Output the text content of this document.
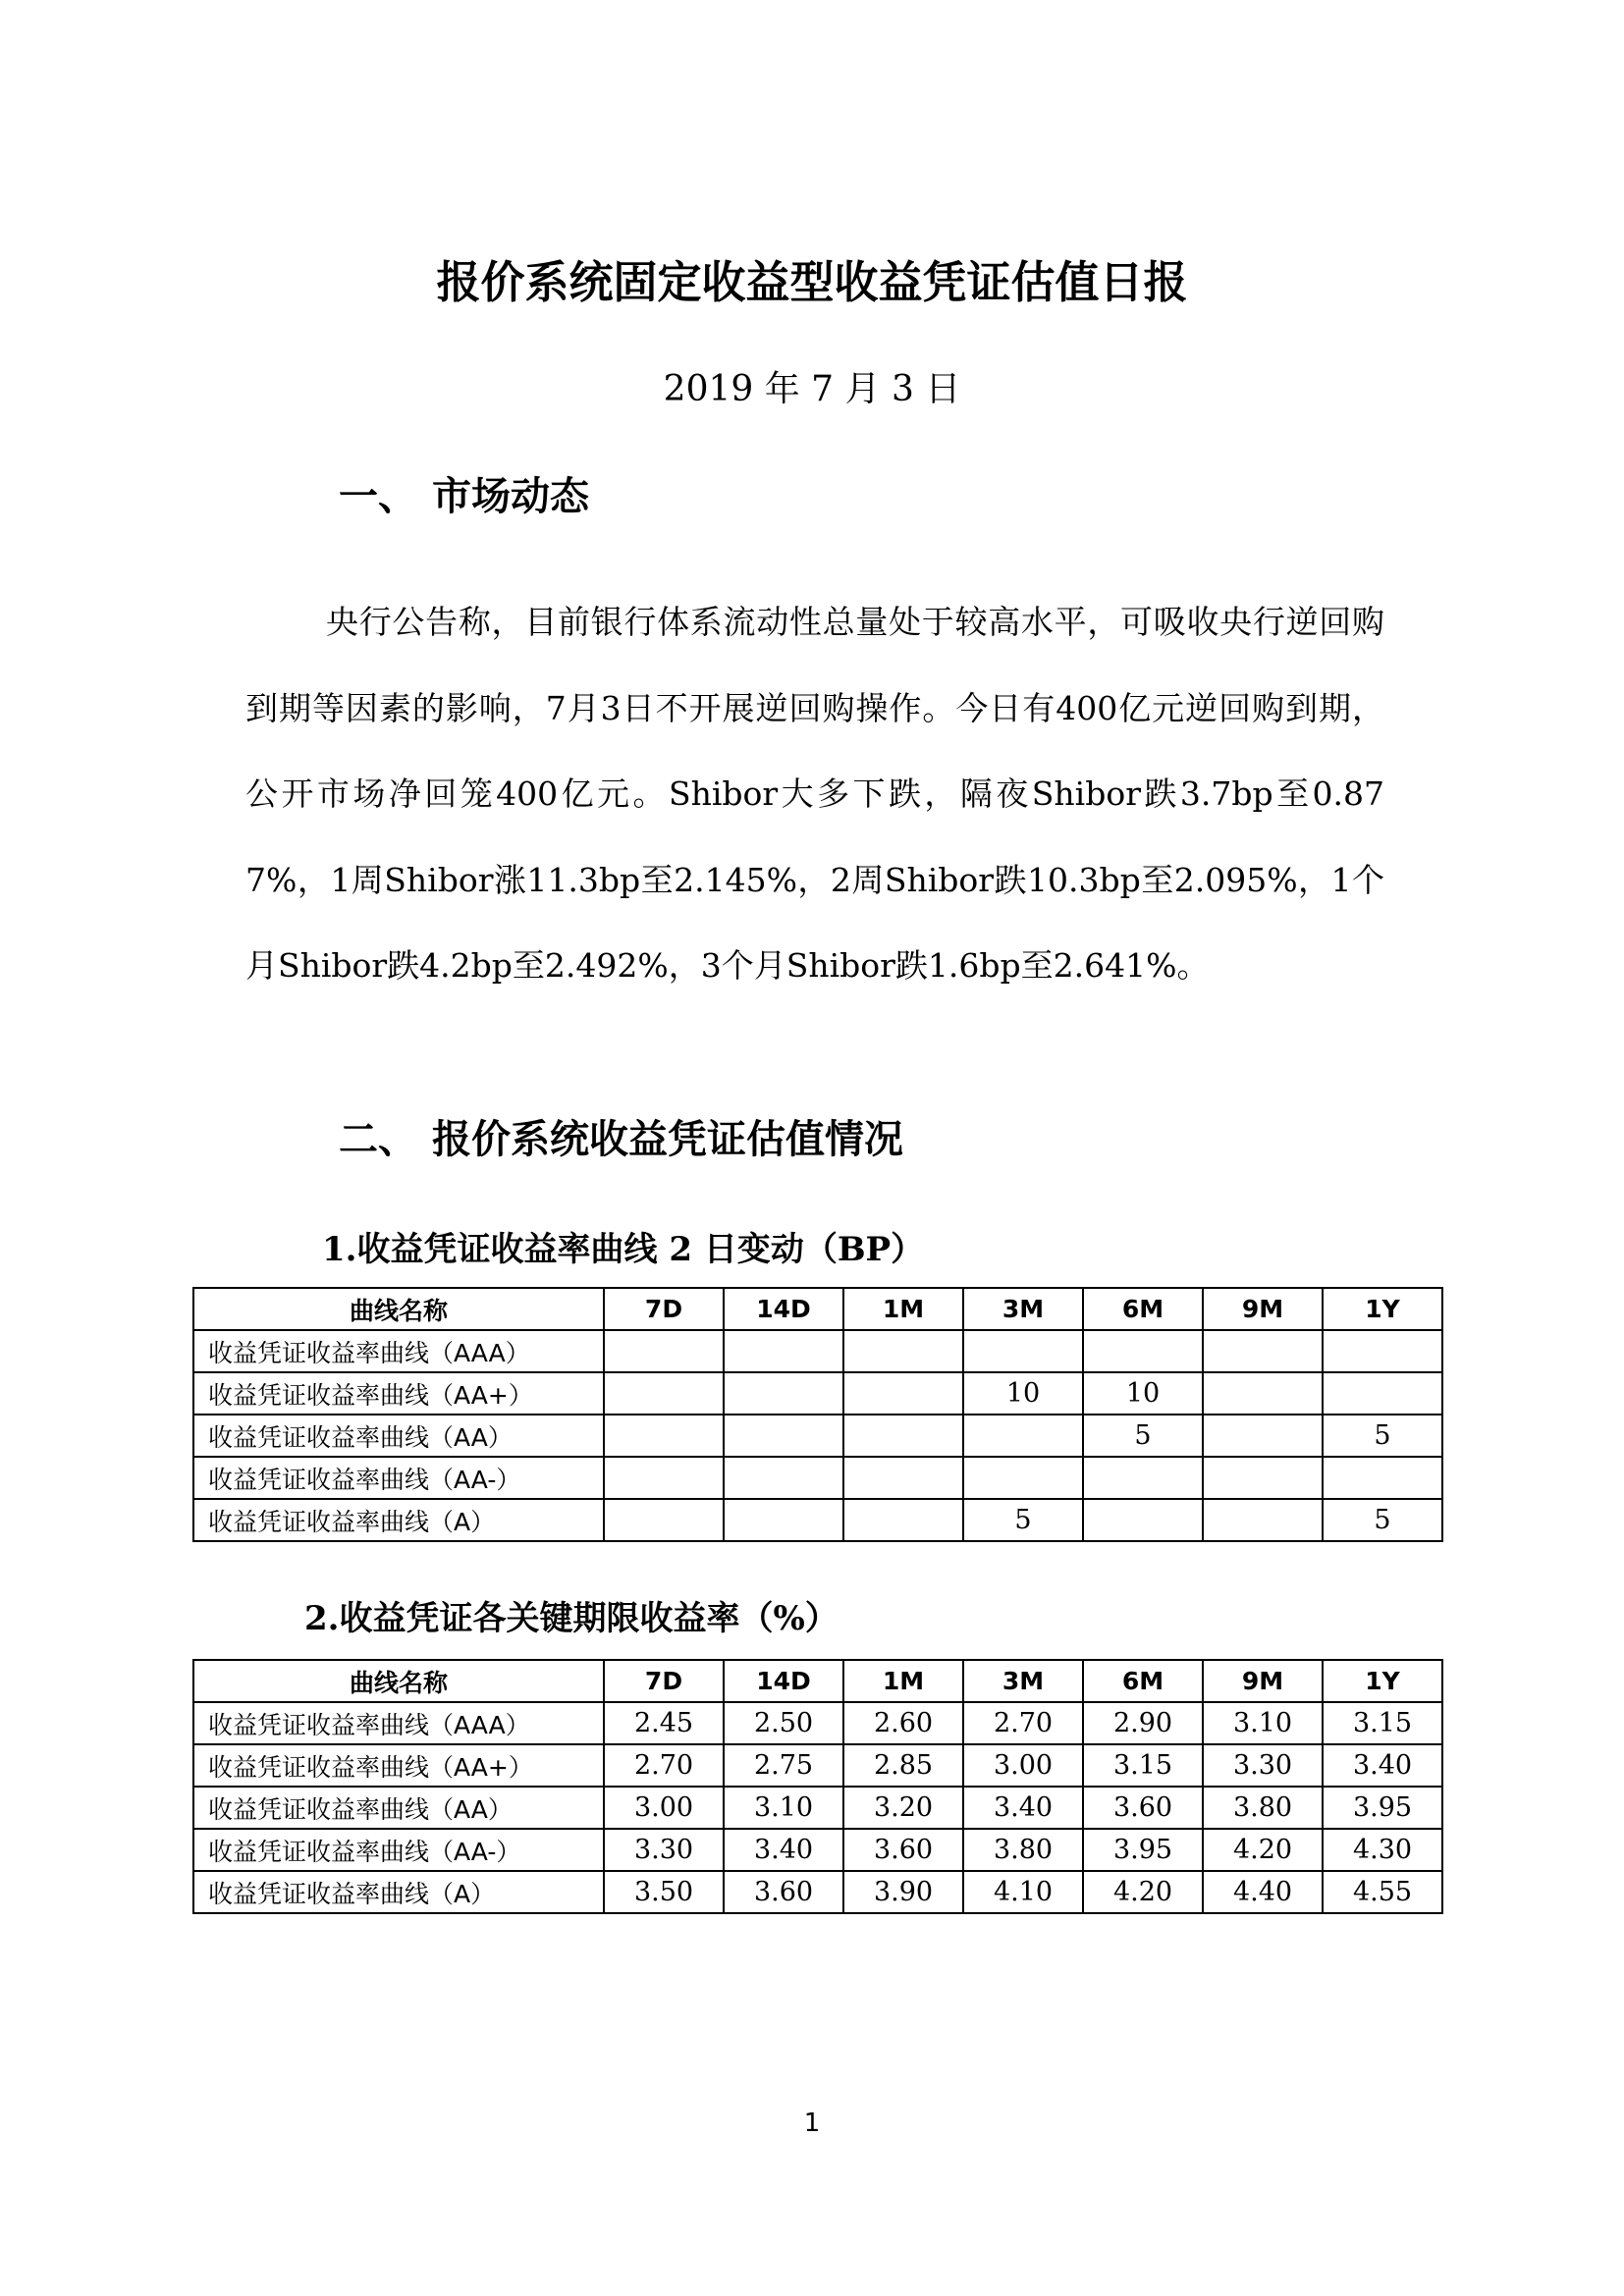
报价系统固定收益型收益凭证估值日报
2019 年 7 月 3 日
一、 市场动态
央行公告称，目前银行体系流动性总量处于较高水平，可吸收央行逆回购到期等因素的影响，7月3日不开展逆回购操作。今日有400亿元逆回购到期，公开市场净回笼400亿元。Shibor大多下跌，隔夜Shibor跌3.7bp至0.877%，1周Shibor涨11.3bp至2.145%，2周Shibor跌10.3bp至2.095%，1个月Shibor跌4.2bp至2.492%，3个月Shibor跌1.6bp至2.641%。
二、 报价系统收益凭证估值情况
1.收益凭证收益率曲线 2 日变动（BP）
曲线名称	7D	14D	1M	3M	6M	9M	1Y
收益凭证收益率曲线（AAA）							
收益凭证收益率曲线（AA+）				10	10		
收益凭证收益率曲线（AA）					5		5
收益凭证收益率曲线（AA-）							
收益凭证收益率曲线（A）				5			5
2.收益凭证各关键期限收益率（%）
曲线名称	7D	14D	1M	3M	6M	9M	1Y
收益凭证收益率曲线（AAA）	2.45	2.50	2.60	2.70	2.90	3.10	3.15
收益凭证收益率曲线（AA+）	2.70	2.75	2.85	3.00	3.15	3.30	3.40
收益凭证收益率曲线（AA）	3.00	3.10	3.20	3.40	3.60	3.80	3.95
收益凭证收益率曲线（AA-）	3.30	3.40	3.60	3.80	3.95	4.20	4.30
收益凭证收益率曲线（A）	3.50	3.60	3.90	4.10	4.20	4.40	4.55
1
